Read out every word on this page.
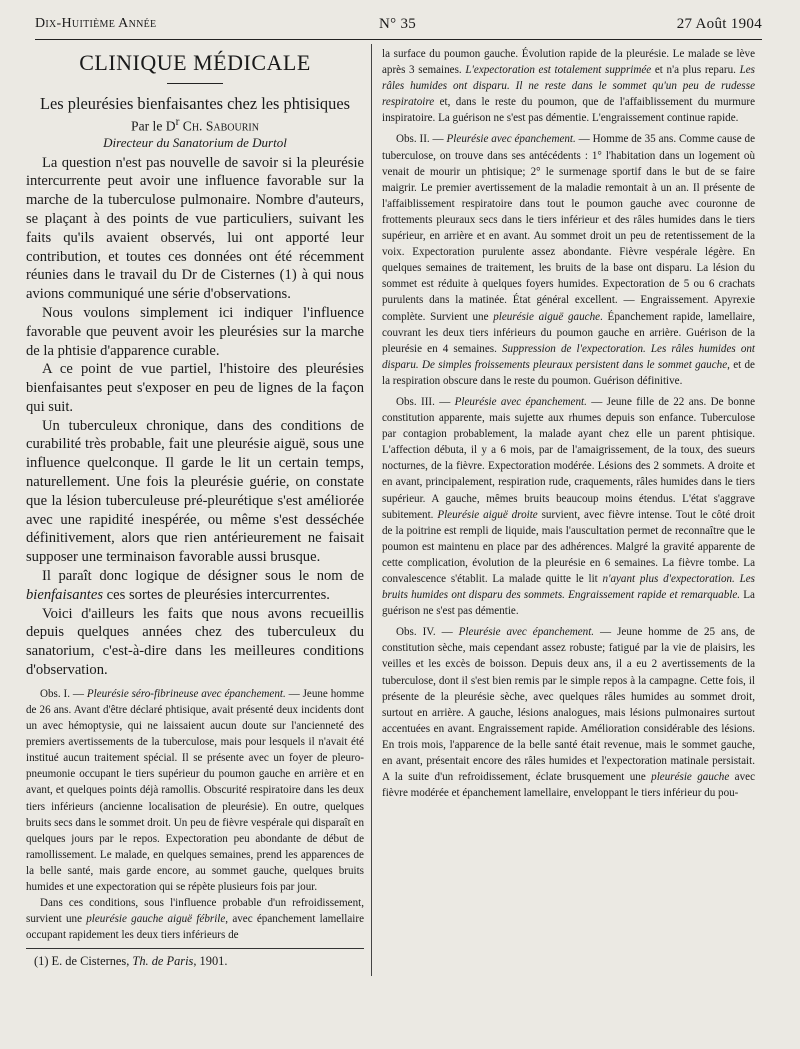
Dix-Huitième Année	N° 35	27 Août 1904
CLINIQUE MÉDICALE
Les pleurésies bienfaisantes chez les phtisiques
Par le $D^r$ Ch. Sabourin
Directeur du Sanatorium de Durtol

La question n'est pas nouvelle de savoir si la pleurésie intercurrente peut avoir une influence favorable sur la marche de la tuberculose pulmonaire. Nombre d'auteurs, se plaçant à des points de vue particuliers, suivant les faits qu'ils avaient observés, lui ont apporté leur contribution, et toutes ces données ont été récemment réunies dans le travail du Dr de Cisternes (1) à qui nous avions communiqué une série d'observations.

Nous voulons simplement ici indiquer l'influence favorable que peuvent avoir les pleurésies sur la marche de la phtisie d'apparence curable.

A ce point de vue partiel, l'histoire des pleurésies bienfaisantes peut s'exposer en peu de lignes de la façon qui suit.

Un tuberculeux chronique, dans des conditions de curabilité très probable, fait une pleurésie aiguë, sous une influence quelconque. Il garde le lit un certain temps, naturellement. Une fois la pleurésie guérie, on constate que la lésion tuberculeuse pré-pleurétique s'est améliorée avec une rapidité inespérée, ou même s'est desséchée définitivement, alors que rien antérieurement ne faisait supposer une terminaison favorable aussi brusque.

Il paraît donc logique de désigner sous le nom de bienfaisantes ces sortes de pleurésies intercurrentes.

Voici d'ailleurs les faits que nous avons recueillis depuis quelques années chez des tuberculeux du sanatorium, c'est-à-dire dans les meilleures conditions d'observation.

Obs. I. — Pleurésie séro-fibrineuse avec épanchement. — Jeune homme de 26 ans. Avant d'être déclaré phtisique, avait présenté deux incidents dont un avec hémoptysie, qui ne laissaient aucun doute sur l'ancienneté des premiers avertissements de la tuberculose, mais pour lesquels il n'avait été institué aucun traitement spécial. Il se présente avec un foyer de pleuro-pneumonie occupant le tiers supérieur du poumon gauche en arrière et en avant, et quelques points déjà ramollis. Obscurité respiratoire dans les deux tiers inférieurs (ancienne localisation de pleurésie). En outre, quelques bruits secs dans le sommet droit. Un peu de fièvre vespérale qui disparaît en quelques jours par le repos. Expectoration peu abondante de début de ramollissement. Le malade, en quelques semaines, prend les apparences de la belle santé, mais garde encore, au sommet gauche, quelques bruits humides et une expectoration qui se répète plusieurs fois par jour.

Dans ces conditions, sous l'influence probable d'un refroidissement, survient une pleurésie gauche aiguë fébrile, avec épanchement lamellaire occupant rapidement les deux tiers inférieurs de

(1) E. de Cisternes, Th. de Paris, 1901.

la surface du poumon gauche. Évolution rapide de la pleurésie. Le malade se lève après 3 semaines. L'expectoration est totalement supprimée et n'a plus reparu. Les râles humides ont disparu. Il ne reste dans le sommet qu'un peu de rudesse respiratoire et, dans le reste du poumon, que de l'affaiblissement du murmure inspiratoire. La guérison ne s'est pas démentie. L'engraissement continue rapide.

Obs. II. — Pleurésie avec épanchement. — Homme de 35 ans. Comme cause de tuberculose, on trouve dans ses antécédents : 1° l'habitation dans un logement où venait de mourir un phtisique; 2° le surmenage sportif dans le but de se faire maigrir. Le premier avertissement de la maladie remontait à un an. Il présente de l'affaiblissement respiratoire dans tout le poumon gauche avec couronne de frottements pleuraux secs dans le tiers inférieur et des râles humides dans le tiers supérieur, en arrière et en avant. Au sommet droit un peu de retentissement de la voix. Expectoration purulente assez abondante. Fièvre vespérale légère. En quelques semaines de traitement, les bruits de la base ont disparu. La lésion du sommet est réduite à quelques foyers humides. Expectoration de 5 ou 6 crachats purulents dans la matinée. État général excellent. — Engraissement. Apyrexie complète. Survient une pleurésie aiguë gauche. Épanchement rapide, lamellaire, couvrant les deux tiers inférieurs du poumon gauche en arrière. Guérison de la pleurésie en 4 semaines. Suppression de l'expectoration. Les râles humides ont disparu. De simples froissements pleuraux persistent dans le sommet gauche, et de la respiration obscure dans le reste du poumon. Guérison définitive.

Obs. III. — Pleurésie avec épanchement. — Jeune fille de 22 ans. De bonne constitution apparente, mais sujette aux rhumes depuis son enfance. Tuberculose par contagion probablement, la malade ayant chez elle un parent phtisique. L'affection débuta, il y a 6 mois, par de l'amaigrissement, de la toux, des sueurs nocturnes, de la fièvre. Expectoration modérée. Lésions des 2 sommets. A droite et en avant, principalement, respiration rude, craquements, râles humides dans le tiers supérieur. A gauche, mêmes bruits beaucoup moins étendus. L'état s'aggrave subitement. Pleurésie aiguë droite survient, avec fièvre intense. Tout le côté droit de la poitrine est rempli de liquide, mais l'auscultation permet de reconnaître que le poumon est maintenu en place par des adhérences. Malgré la gravité apparente de cette complication, évolution de la pleurésie en 6 semaines. La fièvre tombe. La convalescence s'établit. La malade quitte le lit n'ayant plus d'expectoration. Les bruits humides ont disparu des sommets. Engraissement rapide et remarquable. La guérison ne s'est pas démentie.

Obs. IV. — Pleurésie avec épanchement. — Jeune homme de 25 ans, de constitution sèche, mais cependant assez robuste; fatigué par la vie de plaisirs, les veilles et les excès de boisson. Depuis deux ans, il a eu 2 avertissements de la tuberculose, dont il s'est bien remis par le simple repos à la campagne. Cette fois, il présente de la pleurésie sèche, avec quelques râles humides au sommet droit, surtout en arrière. A gauche, lésions analogues, mais lésions pulmonaires surtout accentuées en avant. Engraissement rapide. Amélioration considérable des lésions. En trois mois, l'apparence de la belle santé était revenue, mais le sommet gauche, en avant, présentait encore des râles humides et l'expectoration matinale persistait. A la suite d'un refroidissement, éclate brusquement une pleurésie gauche avec fièvre modérée et épanchement lamellaire, enveloppant le tiers inférieur du pou-
